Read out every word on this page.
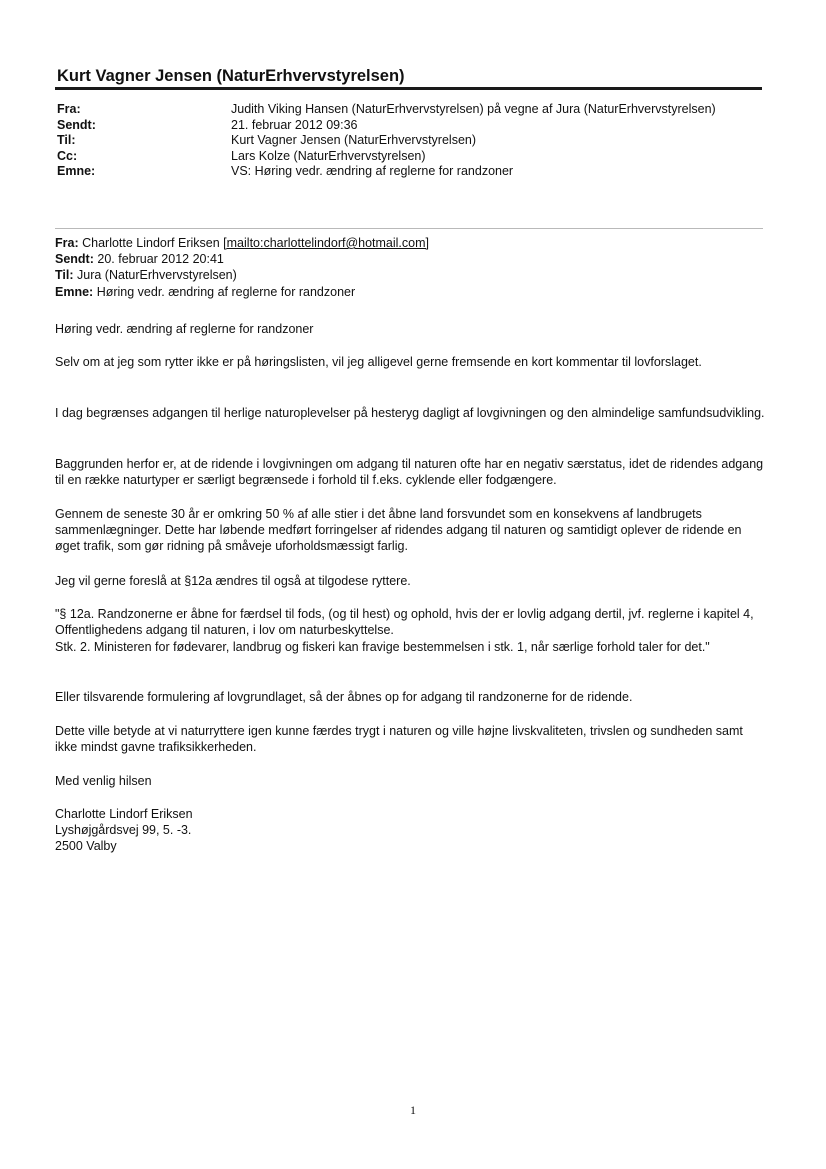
Kurt Vagner Jensen (NaturErhvervstyrelsen)
Fra:	Judith Viking Hansen (NaturErhvervstyrelsen) på vegne af Jura (NaturErhvervstyrelsen)
Sendt:	21. februar 2012 09:36
Til:	Kurt Vagner Jensen (NaturErhvervstyrelsen)
Cc:	Lars Kolze (NaturErhvervstyrelsen)
Emne:	VS: Høring vedr. ændring af reglerne for randzoner
Fra: Charlotte Lindorf Eriksen [mailto:charlottelindorf@hotmail.com]
Sendt: 20. februar 2012 20:41
Til: Jura (NaturErhvervstyrelsen)
Emne: Høring vedr. ændring af reglerne for randzoner
Høring vedr. ændring af reglerne for randzoner
Selv om at jeg som rytter ikke er på høringslisten, vil jeg alligevel gerne fremsende en kort kommentar til lovforslaget.
I dag begrænses adgangen til herlige naturoplevelser på hesteryg dagligt af lovgivningen og den almindelige samfundsudvikling.
Baggrunden herfor er, at de ridende i lovgivningen om adgang til naturen ofte har en negativ særstatus, idet de ridendes adgang til en række naturtyper er særligt begrænsede i forhold til f.eks. cyklende eller fodgængere.
Gennem de seneste 30 år er omkring 50 % af alle stier i det åbne land forsvundet som en konsekvens af landbrugets sammenlægninger. Dette har løbende medført forringelser af ridendes adgang til naturen og samtidigt oplever de ridende en øget trafik, som gør ridning på småveje uforholdsmæssigt farlig.
Jeg vil gerne foreslå at §12a ændres til også at tilgodese ryttere.
"§ 12a. Randzonerne er åbne for færdsel til fods, (og til hest) og ophold, hvis der er lovlig adgang dertil, jvf. reglerne i kapitel 4, Offentlighedens adgang til naturen, i lov om naturbeskyttelse.
Stk. 2. Ministeren for fødevarer, landbrug og fiskeri kan fravige bestemmelsen i stk. 1, når særlige forhold taler for det."
Eller tilsvarende formulering af lovgrundlaget, så der åbnes op for adgang til randzonerne for de ridende.
Dette ville betyde at vi naturryttere igen kunne færdes trygt i naturen og ville højne livskvaliteten, trivslen og sundheden samt ikke mindst gavne trafiksikkerheden.
Med venlig hilsen
Charlotte Lindorf Eriksen
Lyshøjgårdsvej 99, 5. -3.
2500 Valby
1
